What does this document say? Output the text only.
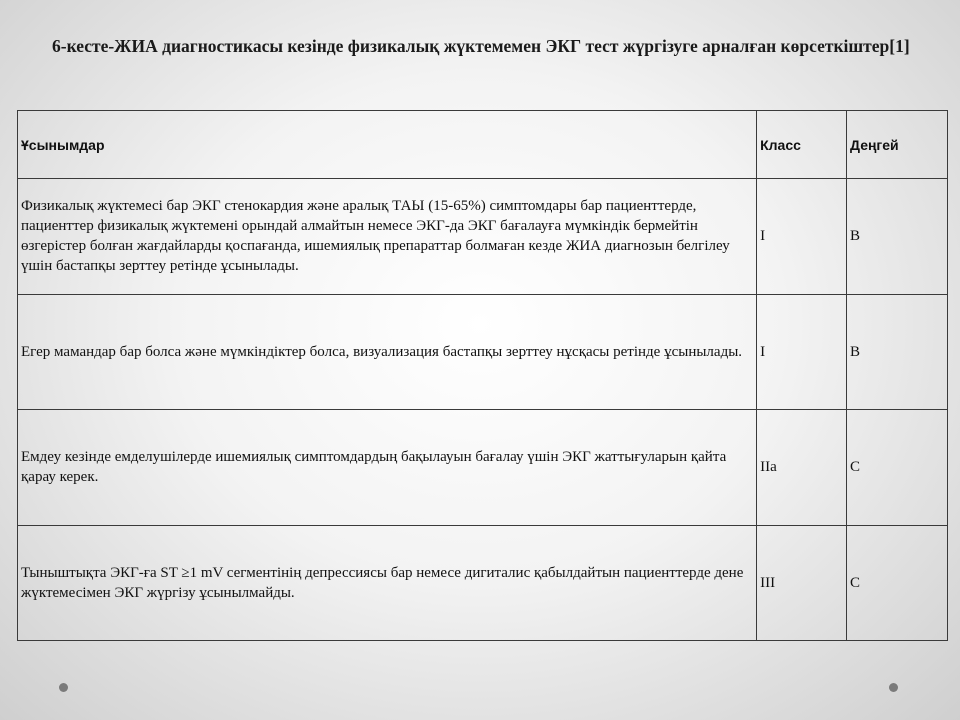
6-кесте-ЖИА диагностикасы кезінде физикалық жүктемемен ЭКГ тест жүргізуге арналған көрсеткіштер[1]
Ұсынымдар	Класс	Деңгей
Физикалық жүктемесі бар ЭКГ стенокардия және аралық ТАЫ (15-65%) симптомдары бар пациенттерде, пациенттер физикалық жүктемені орындай алмайтын немесе ЭКГ-да ЭКГ бағалауға мүмкіндік бермейтін өзгерістер болған жағдайларды қоспағанда, ишемиялық препараттар болмаған кезде ЖИА диагнозын белгілеу үшін бастапқы зерттеу ретінде ұсынылады.	I	B
Егер мамандар бар болса және мүмкіндіктер болса, визуализация бастапқы зерттеу нұсқасы ретінде ұсынылады.	I	B
Емдеу кезінде емделушілерде ишемиялық симптомдардың бақылауын бағалау үшін ЭКГ жаттығуларын қайта қарау керек.	IIa	C
Тыныштықта ЭКГ-ға ST ≥1 mV сегментінің депрессиясы бар немесе дигиталис қабылдайтын пациенттерде дене жүктемесімен ЭКГ жүргізу ұсынылмайды.	III	C
